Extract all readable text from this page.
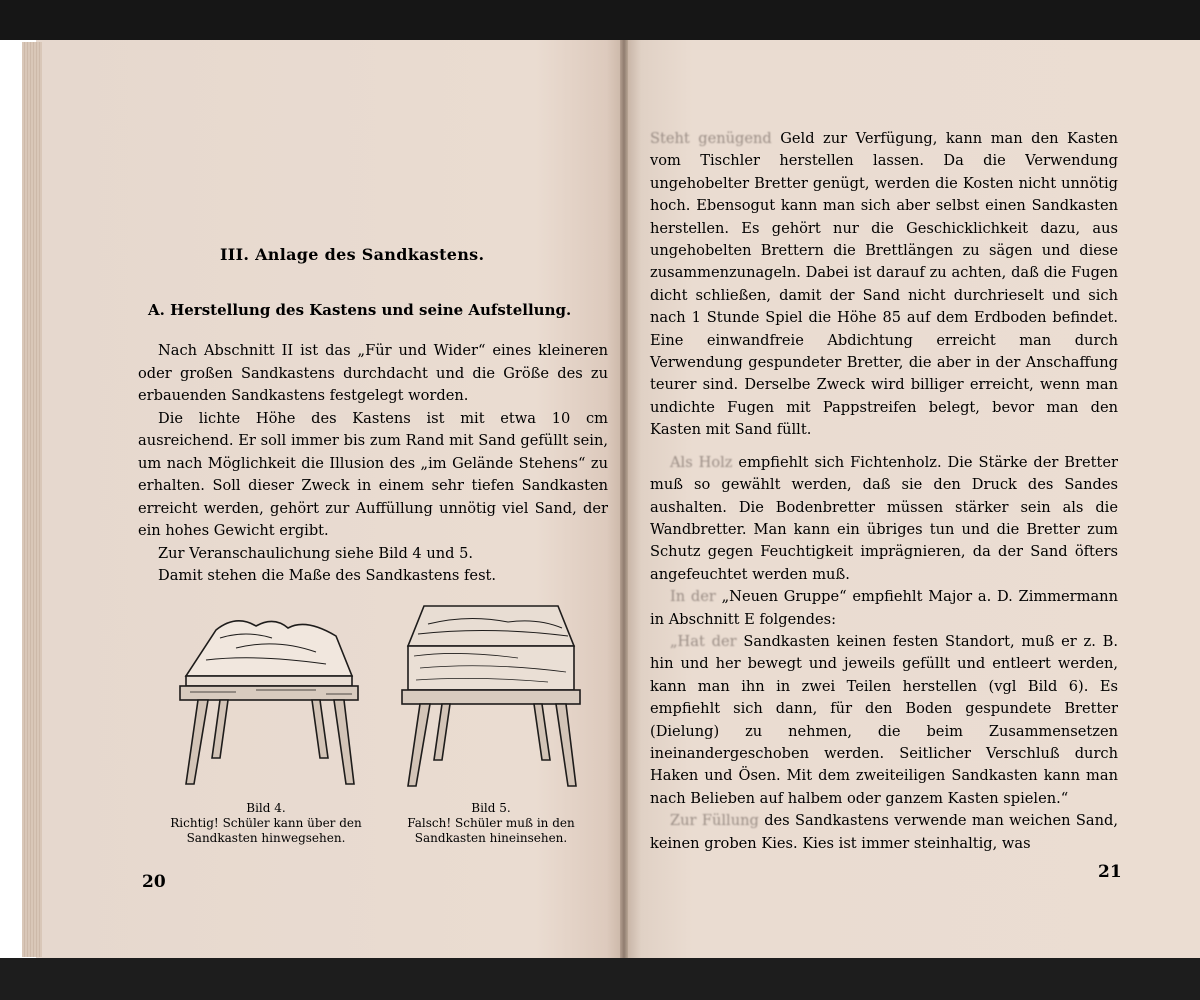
III. Anlage des Sandkastens.
A. Herstellung des Kastens und seine Aufstellung.

Nach Abschnitt II ist das „Für und Wider“ eines kleineren oder großen Sandkastens durchdacht und die Größe des zu erbauenden Sandkastens festgelegt worden.

Die lichte Höhe des Kastens ist mit etwa 10 cm ausreichend. Er soll immer bis zum Rand mit Sand gefüllt sein, um nach Möglichkeit die Illusion des „im Gelände Stehens“ zu erhalten. Soll dieser Zweck in einem sehr tiefen Sandkasten erreicht werden, gehört zur Auffüllung unnötig viel Sand, der ein hohes Gewicht ergibt.

Zur Veranschaulichung siehe Bild 4 und 5.

Damit stehen die Maße des Sandkastens fest.

Bild 4.
Richtig! Schüler kann über den
Sandkasten hinwegsehen.
Bild 5.
Falsch! Schüler muß in den
Sandkasten hineinsehen.
20

Steht genügend Geld zur Verfügung, kann man den Kasten vom Tischler herstellen lassen. Da die Verwendung ungehobelter Bretter genügt, werden die Kosten nicht unnötig hoch. Ebensogut kann man sich aber selbst einen Sandkasten herstellen. Es gehört nur die Geschicklichkeit dazu, aus ungehobelten Brettern die Brettlängen zu sägen und diese zusammenzunageln. Dabei ist darauf zu achten, daß die Fugen dicht schließen, damit der Sand nicht durchrieselt und sich nach 1 Stunde Spiel die Höhe 85 auf dem Erdboden befindet. Eine einwandfreie Abdichtung erreicht man durch Verwendung gespundeter Bretter, die aber in der Anschaffung teurer sind. Derselbe Zweck wird billiger erreicht, wenn man undichte Fugen mit Pappstreifen belegt, bevor man den Kasten mit Sand füllt.

Als Holz empfiehlt sich Fichtenholz. Die Stärke der Bretter muß so gewählt werden, daß sie den Druck des Sandes aushalten. Die Bodenbretter müssen stärker sein als die Wandbretter. Man kann ein übriges tun und die Bretter zum Schutz gegen Feuchtigkeit imprägnieren, da der Sand öfters angefeuchtet werden muß.

In der „Neuen Gruppe“ empfiehlt Major a. D. Zimmermann in Abschnitt E folgendes:

„Hat der Sandkasten keinen festen Standort, muß er z. B. hin und her bewegt und jeweils gefüllt und entleert werden, kann man ihn in zwei Teilen herstellen (vgl Bild 6). Es empfiehlt sich dann, für den Boden gespundete Bretter (Dielung) zu nehmen, die beim Zusammensetzen ineinandergeschoben werden. Seitlicher Verschluß durch Haken und Ösen. Mit dem zweiteiligen Sandkasten kann man nach Belieben auf halbem oder ganzem Kasten spielen.“

Zur Füllung des Sandkastens verwende man weichen Sand, keinen groben Kies. Kies ist immer steinhaltig, was

21
